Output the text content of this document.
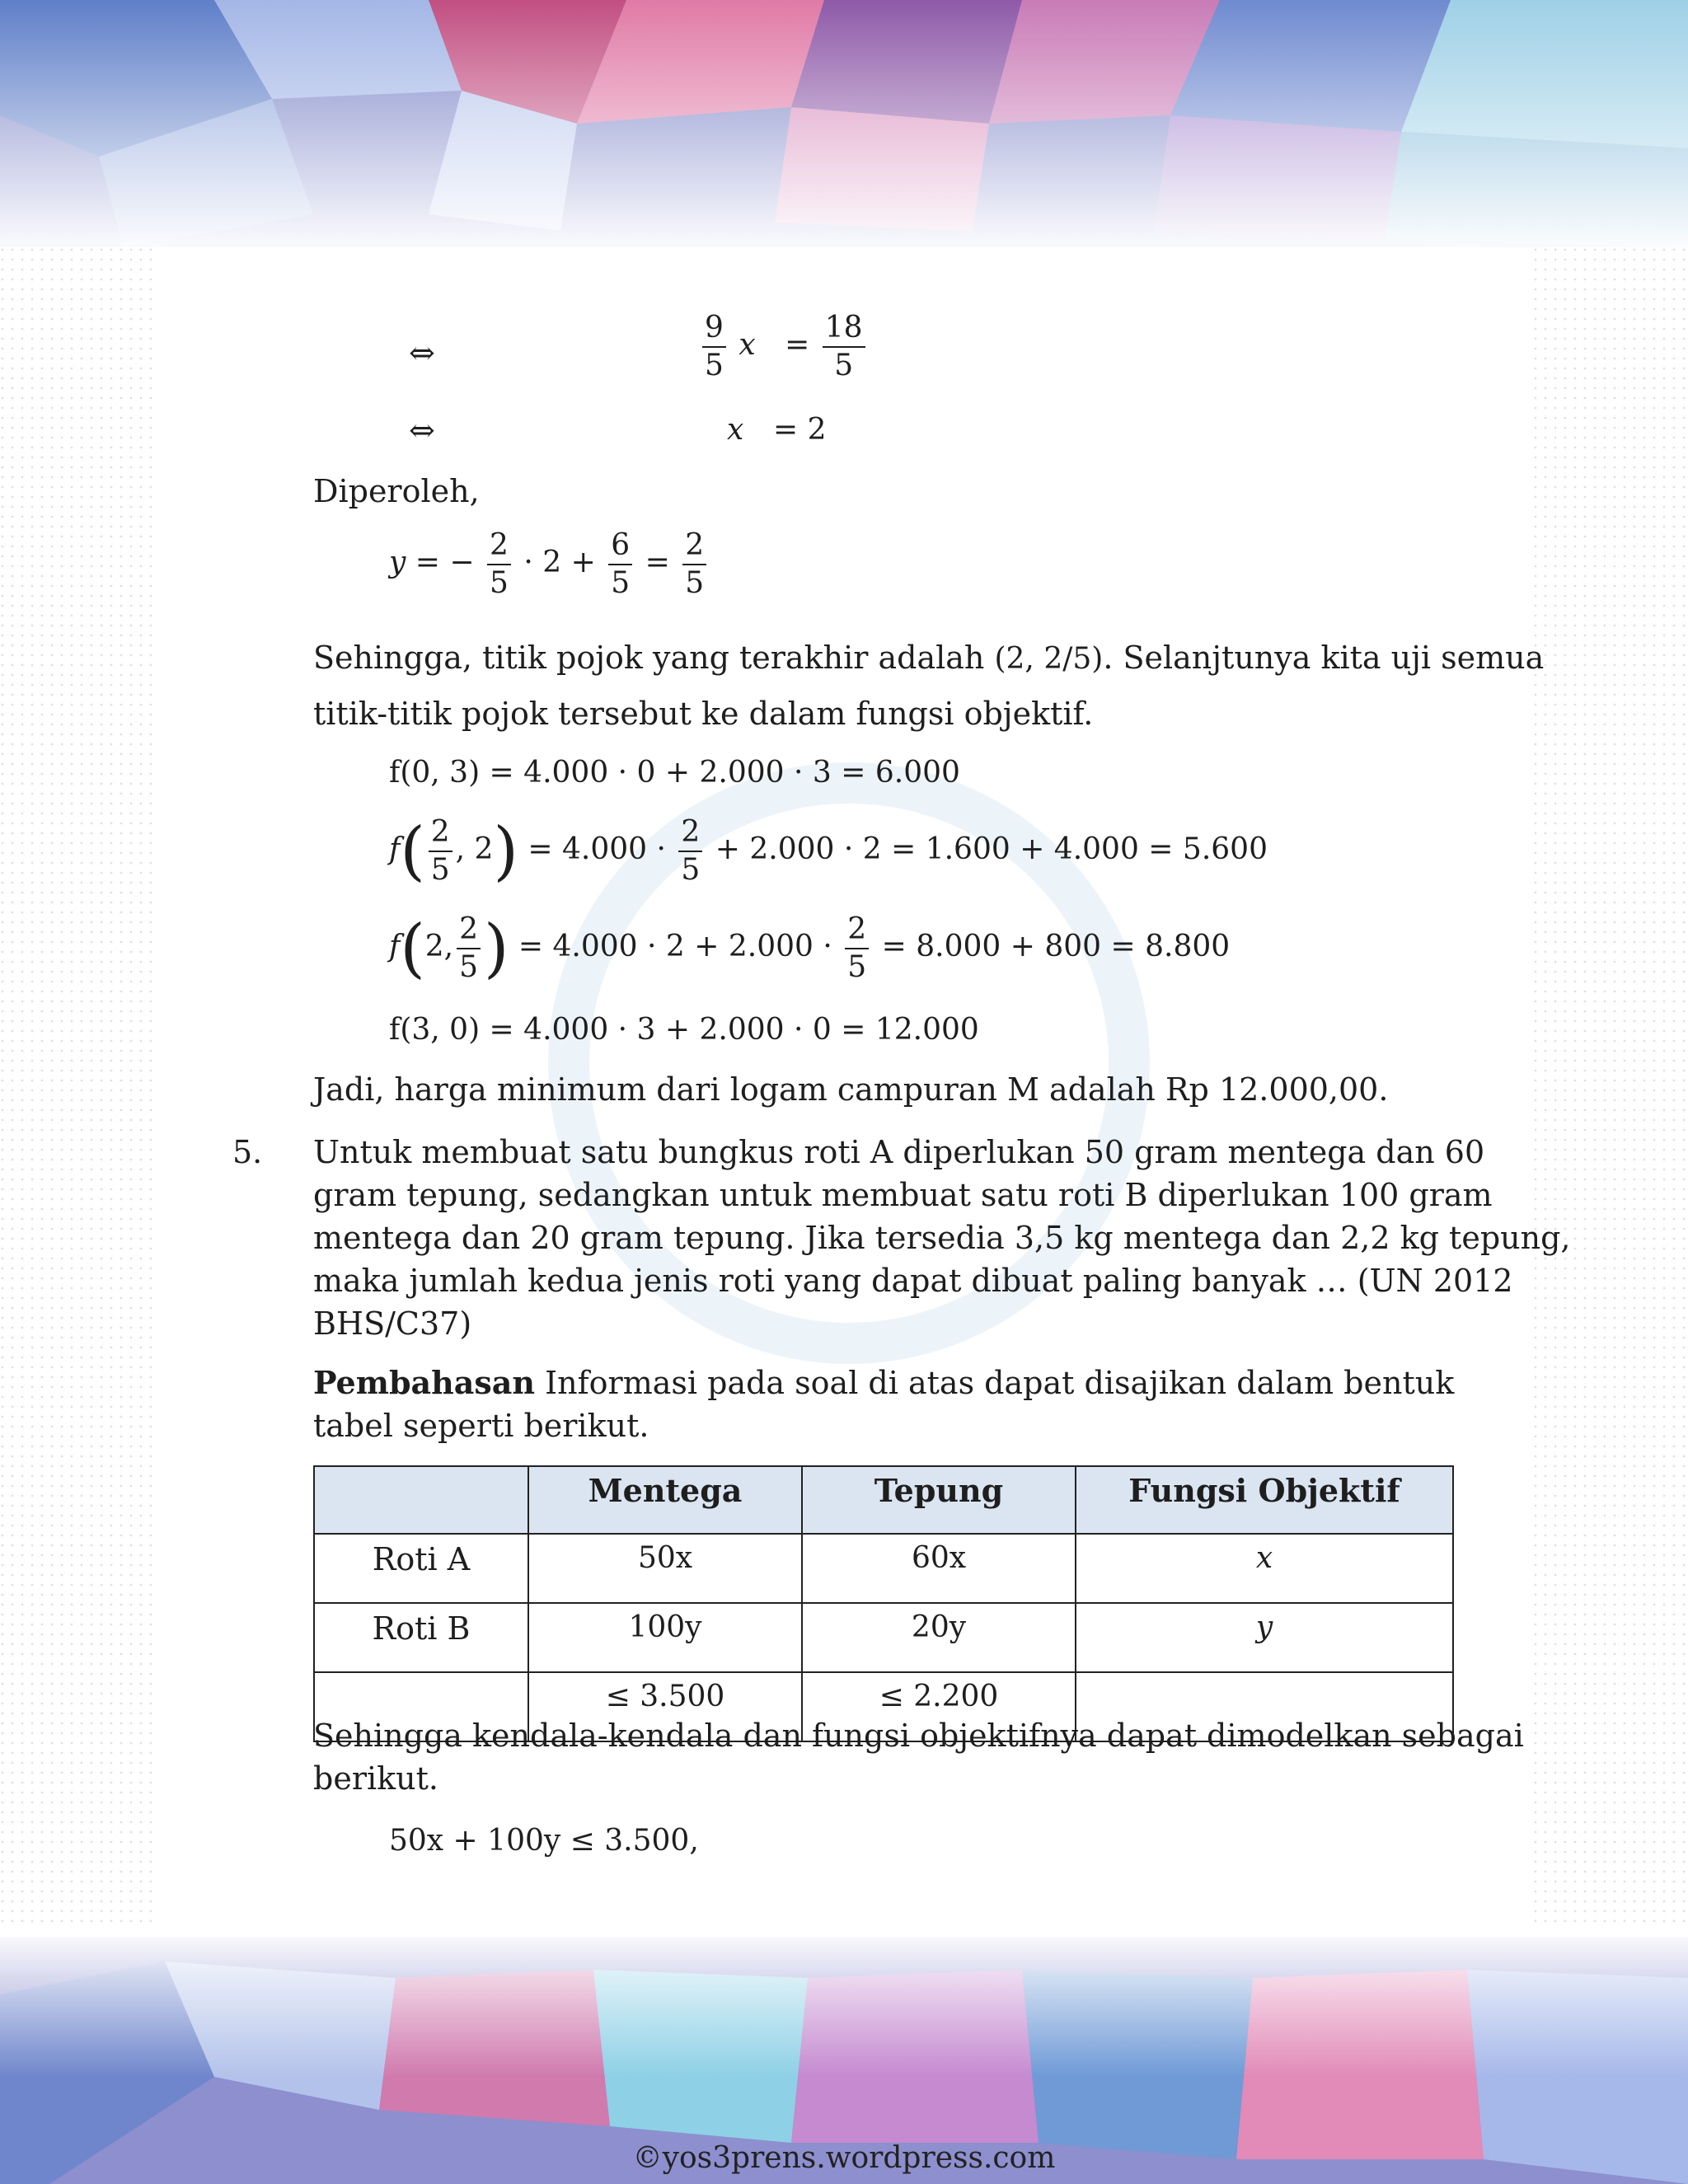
⇔	$\frac{9}{5}$ $x = \frac{18}{5}$
⇔	x = 2
Diperoleh,
y = − $\frac{2}{5} \cdot 2 + \frac{6}{5} = \frac{2}{5}$
Sehingga, titik pojok yang terakhir adalah (2, 2/5). Selanjtunya kita uji semua
titik-titik pojok tersebut ke dalam fungsi objektif.
f(0, 3) = 4.000 · 0 + 2.000 · 3 = 6.000
$f( \frac{2}{5}$ , $2) = 4.000 \cdot \frac{2}{5} + 2.000 \cdot 2 = 1.600 + 4.000 = 5.600$
f(2, $\frac{2}{5}$ ) = $4.000 \cdot 2 + 2.000 \cdot \frac{2}{5} = 8.000 + 800 = 8.800$
f(3, 0) = 4.000 · 3 + 2.000 · 0 = 12.000
Jadi, harga minimum dari logam campuran M adalah Rp 12.000,00.
5. Untuk membuat satu bungkus roti A diperlukan 50 gram mentega dan 60
gram tepung, sedangkan untuk membuat satu roti B diperlukan 100 gram
mentega dan 20 gram tepung. Jika tersedia 3,5 kg mentega dan 2,2 kg tepung,
maka jumlah kedua jenis roti yang dapat dibuat paling banyak … (UN 2012
BHS/C37)
Pembahasan Informasi pada soal di atas dapat disajikan dalam bentuk
tabel seperti berikut.
	Mentega	Tepung	Fungsi Objektif
Roti A	50x	60x	x
Roti B	100y	20y	y
	≤ 3.500	≤ 2.200	
Sehingga kendala-kendala dan fungsi objektifnya dapat dimodelkan sebagai
berikut.
50x + 100y ≤ 3.500,
©yos3prens.wordpress.com
